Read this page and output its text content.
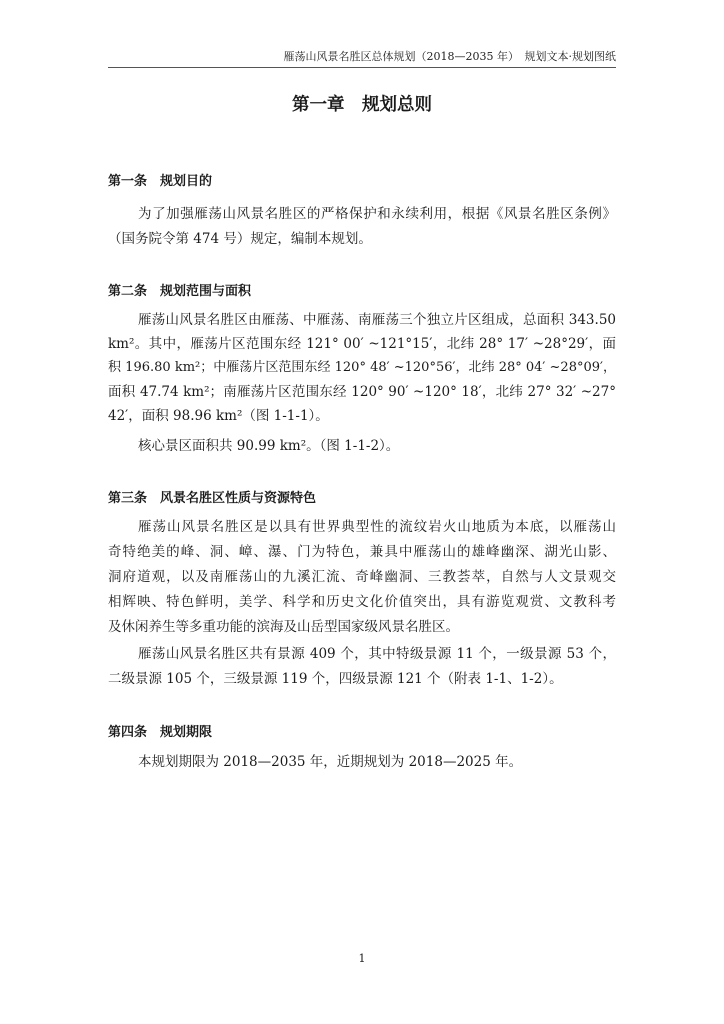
雁荡山风景名胜区总体规划（2018—2035 年）　规划文本·规划图纸
第一章　规划总则
第一条　规划目的

为了加强雁荡山风景名胜区的严格保护和永续利用，根据《风景名胜区条例》

（国务院令第 474 号）规定，编制本规划。

第二条　规划范围与面积

雁荡山风景名胜区由雁荡、中雁荡、南雁荡三个独立片区组成，总面积 343.50

km²。其中，雁荡片区范围东经 121° 00′ ~121°15′，北纬 28° 17′ ~28°29′，面

积 196.80 km²；中雁荡片区范围东经 120° 48′ ~120°56′，北纬 28° 04′ ~28°09′，

面积 47.74 km²；南雁荡片区范围东经 120° 90′ ~120° 18′，北纬 27° 32′ ~27°

42′，面积 98.96 km²（图 1-1-1）。

核心景区面积共 90.99 km²。（图 1-1-2）。

第三条　风景名胜区性质与资源特色

雁荡山风景名胜区是以具有世界典型性的流纹岩火山地质为本底，以雁荡山

奇特绝美的峰、洞、嶂、瀑、门为特色，兼具中雁荡山的雄峰幽深、湖光山影、

洞府道观，以及南雁荡山的九溪汇流、奇峰幽洞、三教荟萃，自然与人文景观交

相辉映、特色鲜明，美学、科学和历史文化价值突出，具有游览观赏、文教科考

及休闲养生等多重功能的滨海及山岳型国家级风景名胜区。

雁荡山风景名胜区共有景源 409 个，其中特级景源 11 个，一级景源 53 个，

二级景源 105 个，三级景源 119 个，四级景源 121 个（附表 1-1、1-2）。

第四条　规划期限

本规划期限为 2018—2035 年，近期规划为 2018—2025 年。

1
